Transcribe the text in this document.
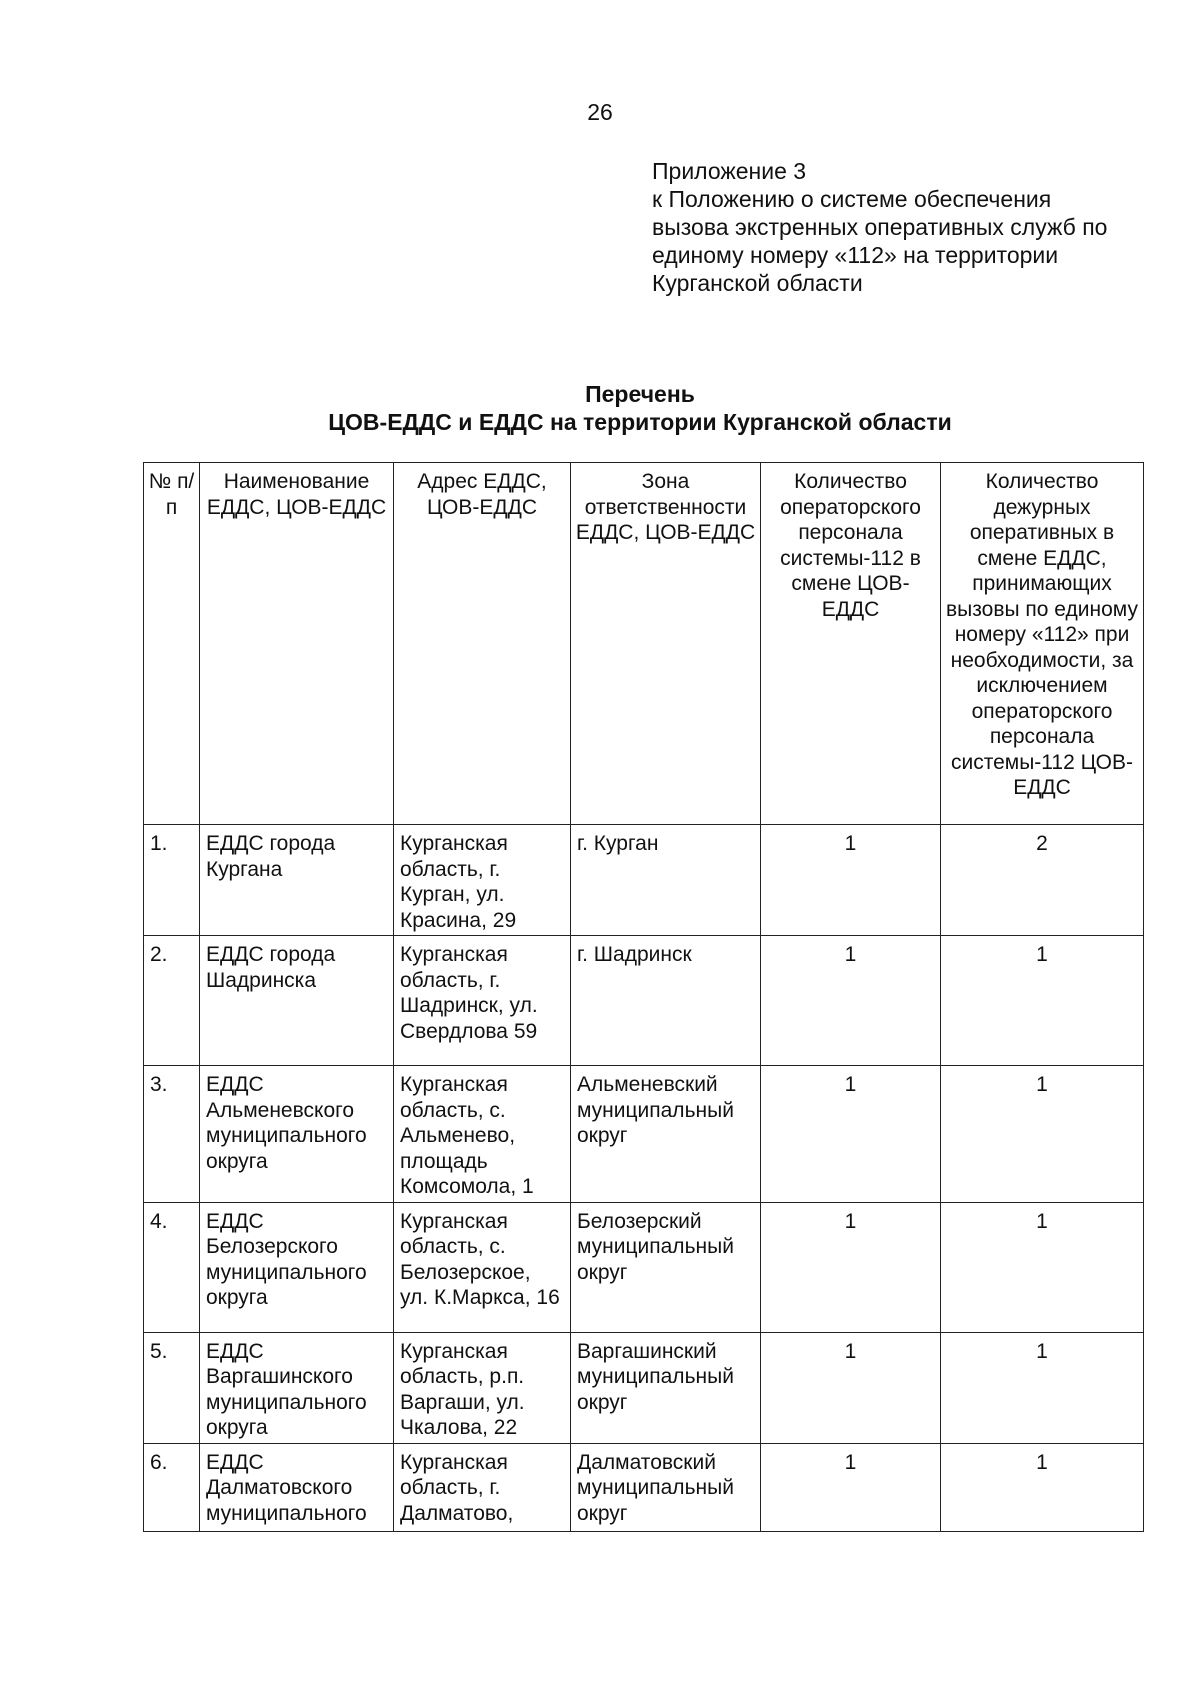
26
Приложение 3
к Положению о системе обеспечения
вызова экстренных оперативных служб по
единому номеру «112» на территории
Курганской области
Перечень
ЦОВ-ЕДДС и ЕДДС на территории Курганской области
№ п/п	Наименование ЕДДС, ЦОВ-ЕДДС	Адрес ЕДДС, ЦОВ-ЕДДС	Зона ответственности ЕДДС, ЦОВ-ЕДДС	Количество операторского персонала системы-112 в смене ЦОВ-ЕДДС	Количество дежурных оперативных в смене ЕДДС, принимающих вызовы по единому номеру «112» при необходимости, за исключением операторского персонала системы-112 ЦОВ-ЕДДС
1.	ЕДДС города Кургана	Курганская область, г. Курган, ул. Красина, 29	г. Курган	1	2
2.	ЕДДС города Шадринска	Курганская область, г. Шадринск, ул. Свердлова 59	г. Шадринск	1	1
3.	ЕДДС Альменевского муниципального округа	Курганская область, с. Альменево, площадь Комсомола, 1	Альменевский муниципальный округ	1	1
4.	ЕДДС Белозерского муниципального округа	Курганская область, с. Белозерское, ул. К.Маркса, 16	Белозерский муниципальный округ	1	1
5.	ЕДДС Варгашинского муниципального округа	Курганская область, р.п. Варгаши, ул. Чкалова, 22	Варгашинский муниципальный округ	1	1
6.	ЕДДС Далматовского муниципального	Курганская область, г. Далматово,	Далматовский муниципальный округ	1	1
